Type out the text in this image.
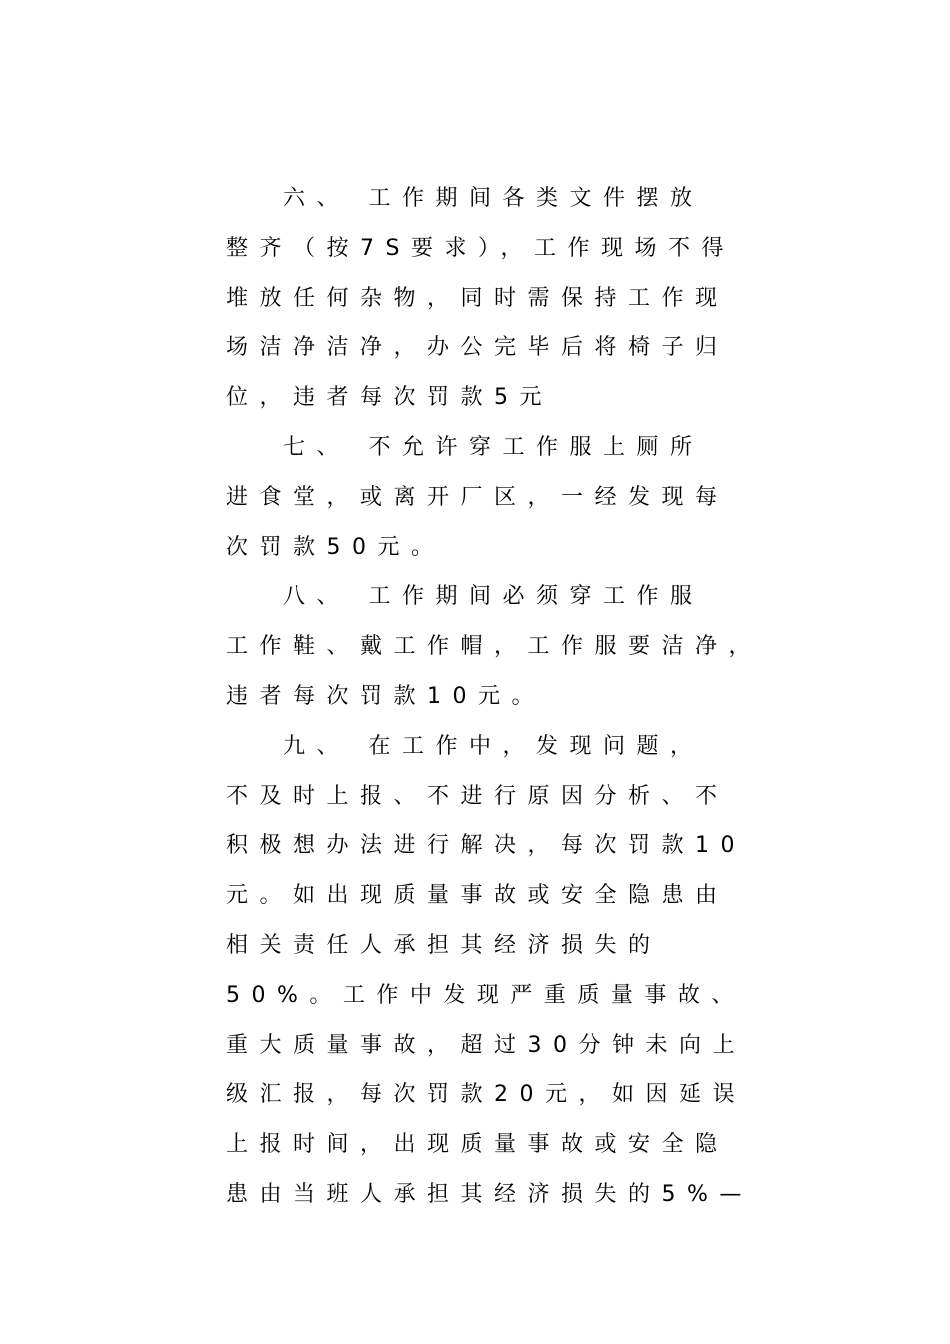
六、 工作期间各类文件摆放
整齐（按7S要求），工作现场不得
堆放任何杂物，同时需保持工作现
场洁净洁净，办公完毕后将椅子归
位，违者每次罚款5元
七、 不允许穿工作服上厕所
进食堂，或离开厂区，一经发现每
次罚款50元。
八、 工作期间必须穿工作服
工作鞋、戴工作帽，工作服要洁净，
违者每次罚款10元。
九、 在工作中，发现问题，
不及时上报、不进行原因分析、不
积极想办法进行解决，每次罚款10
元。如出现质量事故或安全隐患由
相关责任人承担其经济损失的
50%。工作中发现严重质量事故、
重大质量事故，超过30分钟未向上
级汇报，每次罚款20元，如因延误
上报时间，出现质量事故或安全隐
患由当班人承担其经济损失的5%—
